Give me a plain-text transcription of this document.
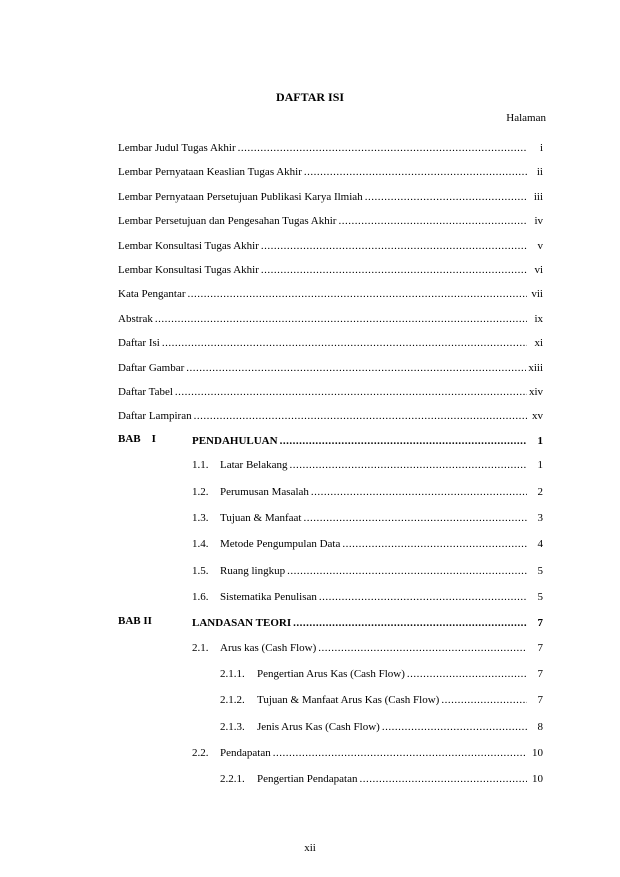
DAFTAR ISI
Halaman
Lembar Judul Tugas Akhir .....	i
Lembar Pernyataan Keaslian Tugas Akhir .....	ii
Lembar Pernyataan Persetujuan Publikasi Karya Ilmiah .....	iii
Lembar Persetujuan dan Pengesahan Tugas Akhir .....	iv
Lembar Konsultasi Tugas Akhir .....	v
Lembar Konsultasi Tugas Akhir .....	vi
Kata Pengantar .....	vii
Abstrak .....	ix
Daftar Isi .....	xi
Daftar Gambar .....	xiii
Daftar Tabel .....	xiv
Daftar Lampiran .....	xv
BAB    I	PENDAHULUAN .....	1
1.1.	Latar Belakang .....	1
1.2.	Perumusan Masalah .....	2
1.3.	Tujuan & Manfaat .....	3
1.4.	Metode Pengumpulan Data .....	4
1.5.	Ruang lingkup .....	5
1.6.	Sistematika Penulisan .....	5
BAB II	LANDASAN TEORI .....	7
2.1.	Arus kas (Cash Flow) .....	7
2.1.1.	Pengertian Arus Kas (Cash Flow) .....	7
2.1.2.	Tujuan & Manfaat Arus Kas (Cash Flow) .....	7
2.1.3.	Jenis Arus Kas (Cash Flow) .....	8
2.2.	Pendapatan .....	10
2.2.1.	Pengertian Pendapatan .....	10
xii
